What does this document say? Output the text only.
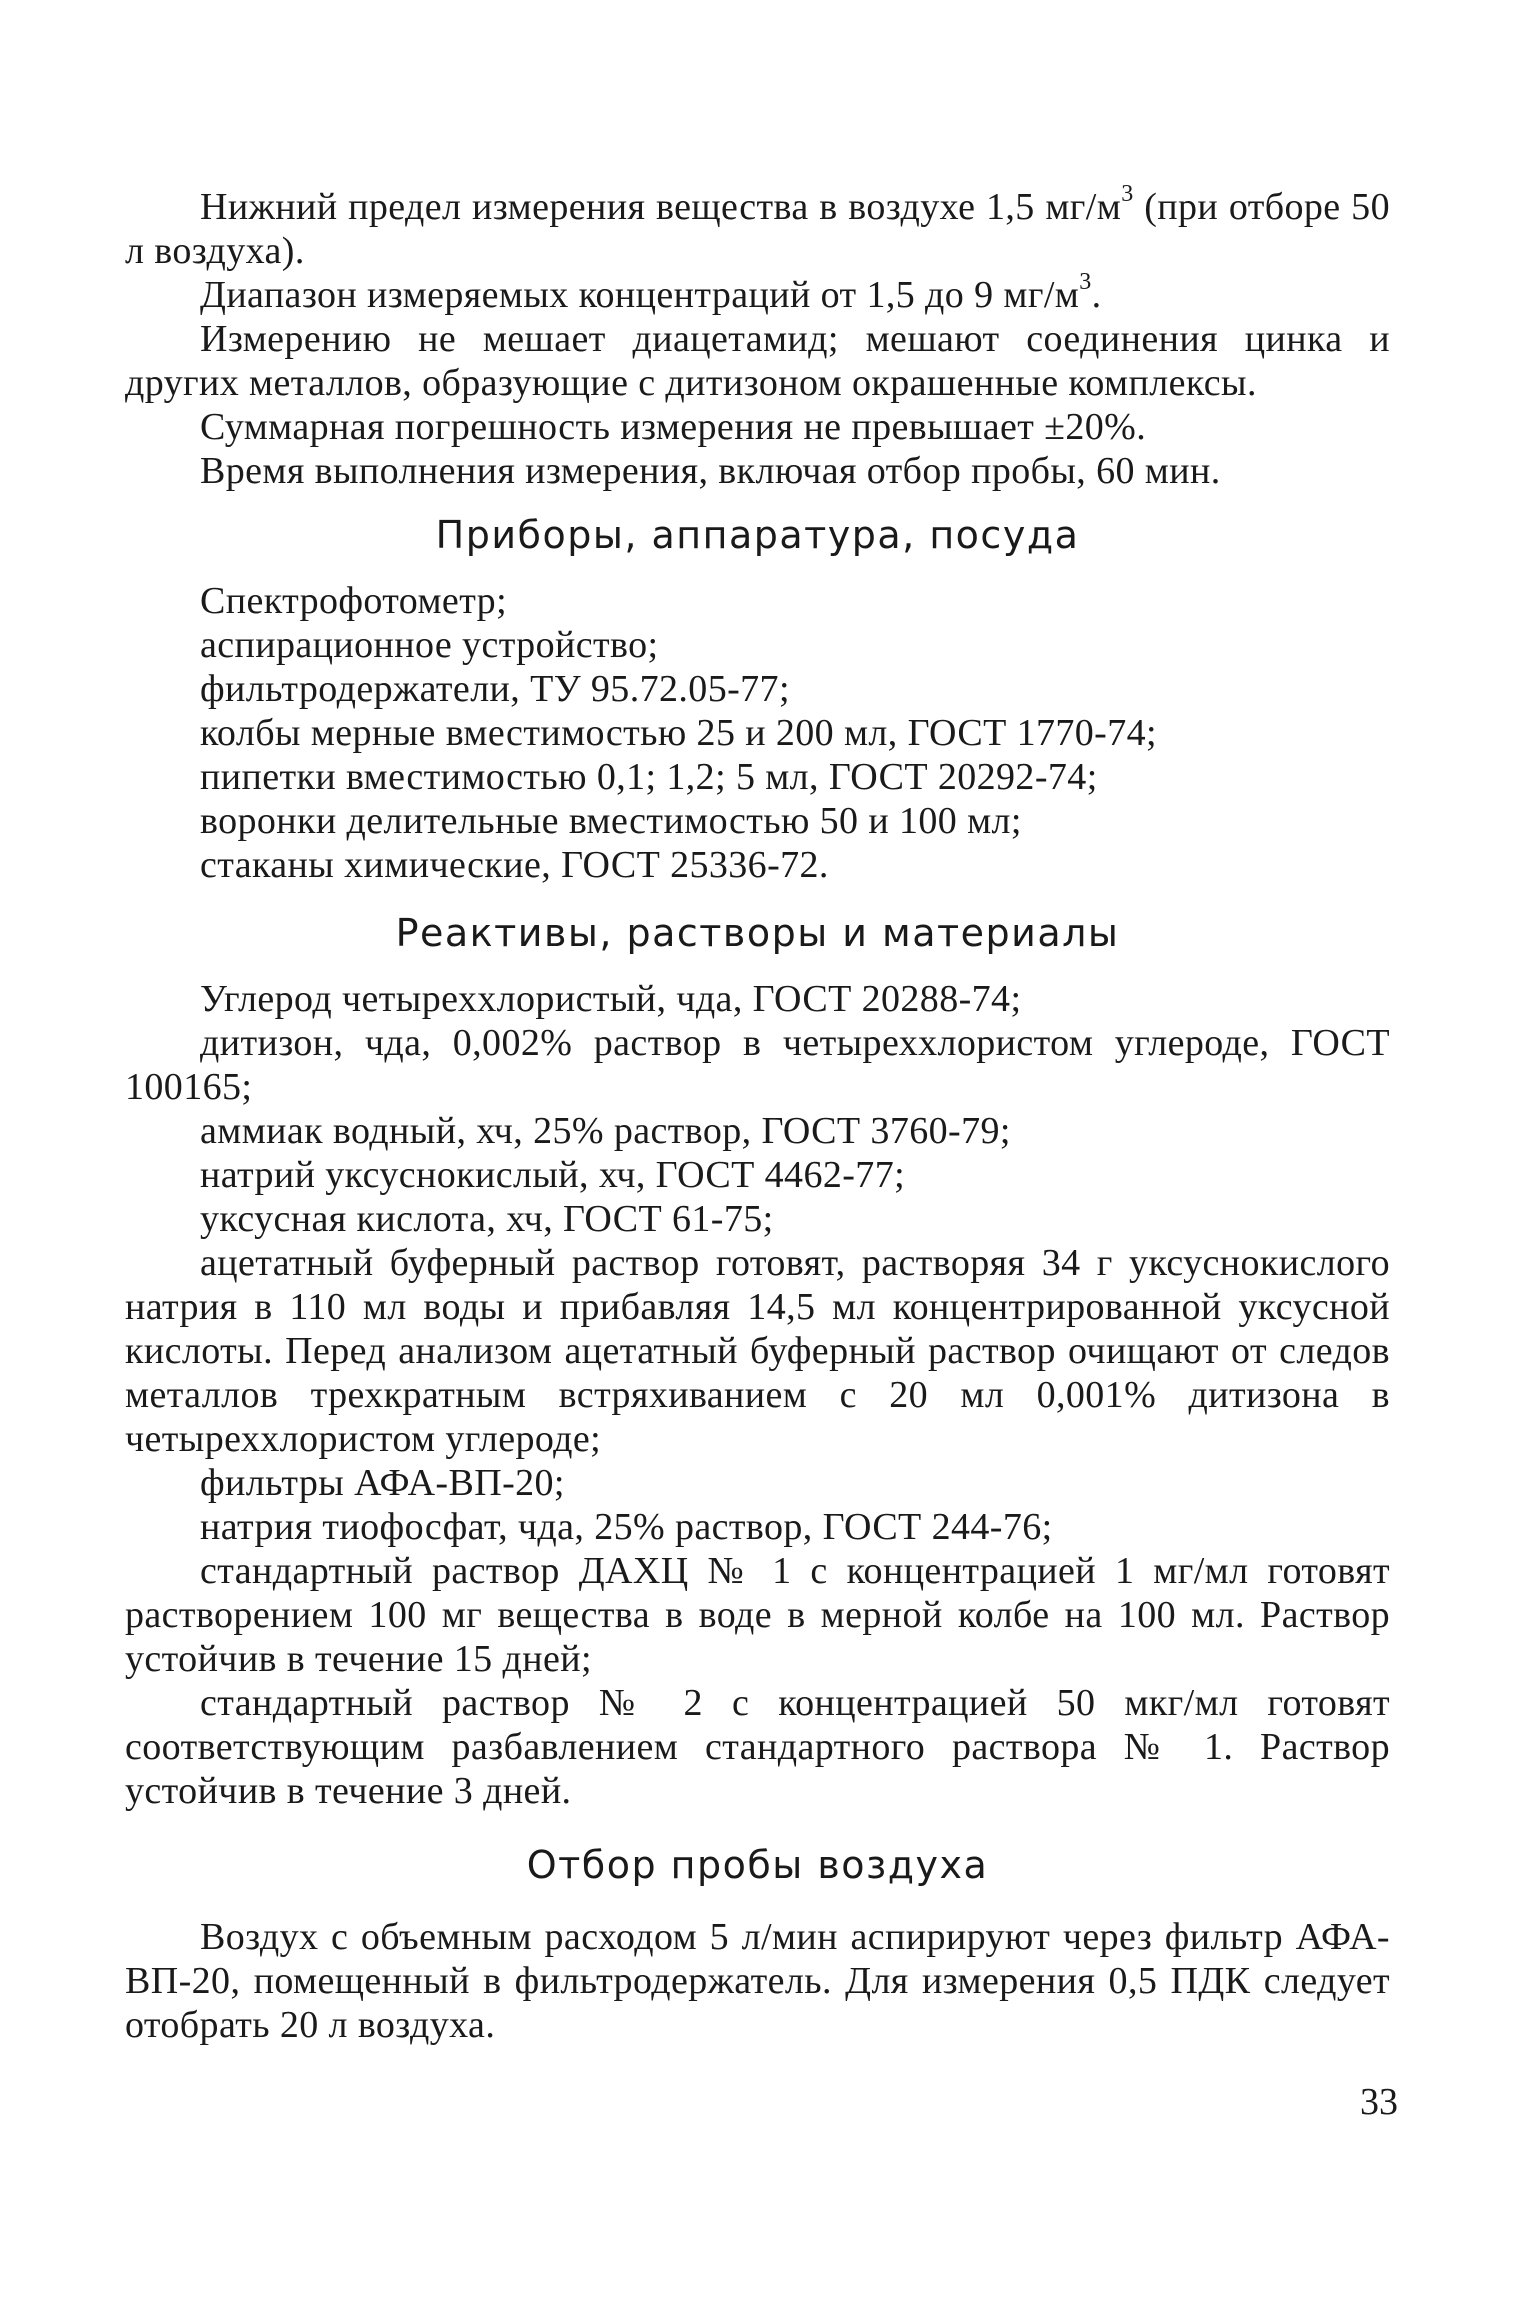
Нижний предел измерения вещества в воздухе 1,5 $мг/м^3$ (при отборе 50 л воздуха).

Диапазон измеряемых концентраций от 1,5 до 9 $мг/м^3$.

Измерению не мешает диацетамид; мешают соединения цинка и других металлов, образующие с дитизоном окрашенные комплексы.

Суммарная погрешность измерения не превышает ±20%.

Время выполнения измерения, включая отбор пробы, 60 мин.

Приборы, аппаратура, посуда

Спектрофотометр;

аспирационное устройство;

фильтродержатели, ТУ 95.72.05-77;

колбы мерные вместимостью 25 и 200 мл, ГОСТ 1770-74;

пипетки вместимостью 0,1; 1,2; 5 мл, ГОСТ 20292-74;

воронки делительные вместимостью 50 и 100 мл;

стаканы химические, ГОСТ 25336-72.

Реактивы, растворы и материалы

Углерод четыреххлористый, чда, ГОСТ 20288-74;

дитизон, чда, 0,002% раствор в четыреххлористом углероде, ГОСТ 100165;

аммиак водный, хч, 25% раствор, ГОСТ 3760-79;

натрий уксуснокислый, хч, ГОСТ 4462-77;

уксусная кислота, хч, ГОСТ 61-75;

ацетатный буферный раствор готовят, растворяя 34 г уксуснокислого натрия в 110 мл воды и прибавляя 14,5 мл концентрированной уксусной кислоты. Перед анализом ацетатный буферный раствор очищают от следов металлов трехкратным встряхиванием с 20 мл 0,001% дитизона в четыреххлористом углероде;

фильтры АФА-ВП-20;

натрия тиофосфат, чда, 25% раствор, ГОСТ 244-76;

стандартный раствор ДАХЦ № 1 с концентрацией 1 мг/мл готовят растворением 100 мг вещества в воде в мерной колбе на 100 мл. Раствор устойчив в течение 15 дней;

стандартный раствор № 2 с концентрацией 50 мкг/мл готовят соответствующим разбавлением стандартного раствора № 1. Раствор устойчив в течение 3 дней.

Отбор пробы воздуха

Воздух с объемным расходом 5 л/мин аспирируют через фильтр АФА-ВП-20, помещенный в фильтродержатель. Для измерения 0,5 ПДК следует отобрать 20 л воздуха.

33
